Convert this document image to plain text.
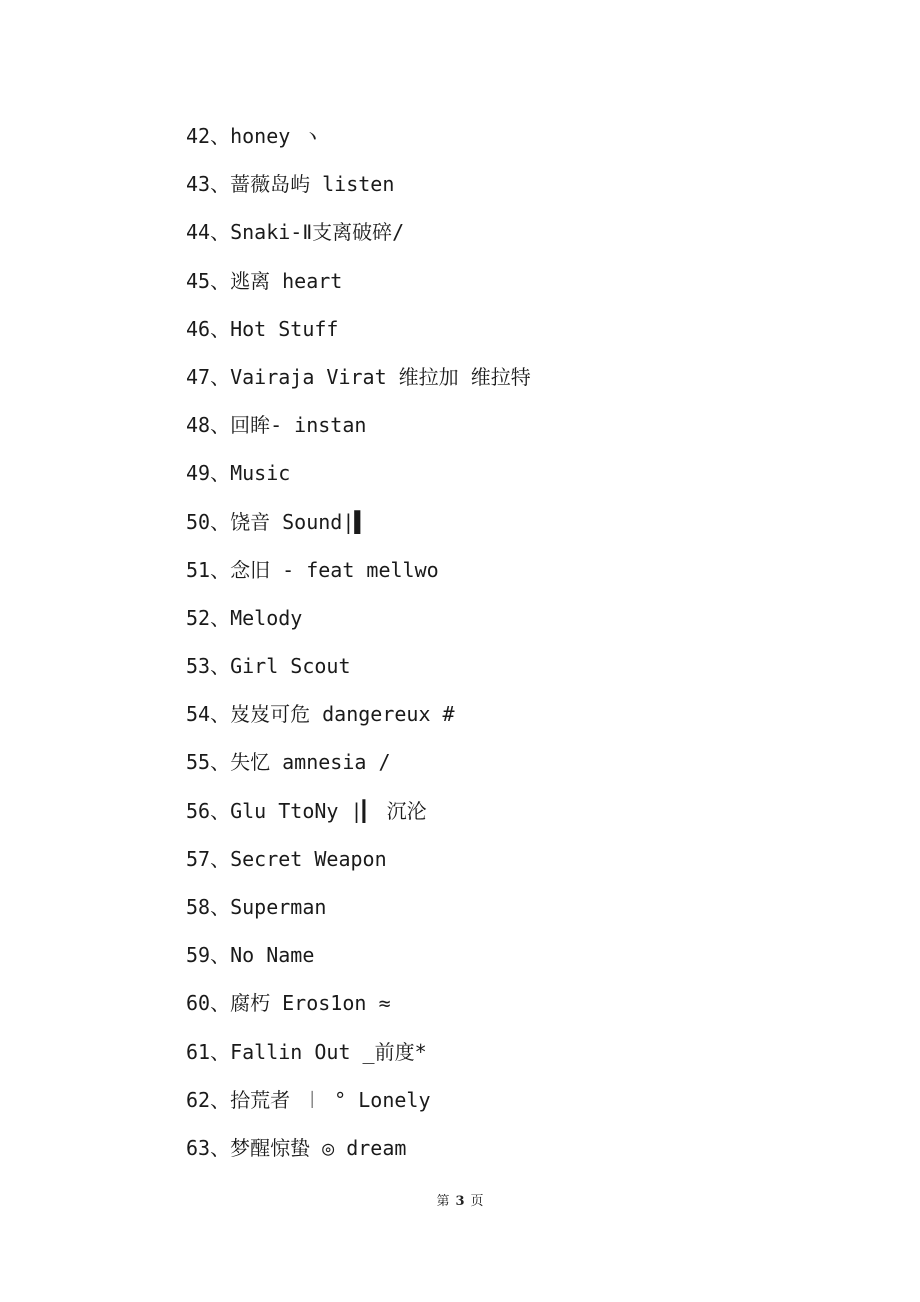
42、honey ヽ
43、蔷薇岛屿 listen
44、Snaki-Ⅱ支离破碎/
45、逃离 heart
46、Hot Stuff
47、Vairaja Virat 维拉加 维拉特
48、回眸- instan
49、Music
50、饶音 Sound|▌
51、念旧 - feat mellwo
52、Melody
53、Girl Scout
54、岌岌可危 dangereux #
55、失忆 amnesia /
56、Glu TtoNy |▎ 沉沦
57、Secret Weapon
58、Superman
59、No Name
60、腐朽 Eros1on ≈
61、Fallin Out _前度*
62、拾荒者 ︱ ° Lonely
63、梦醒惊蛰 ◎ dream
第 3 页
